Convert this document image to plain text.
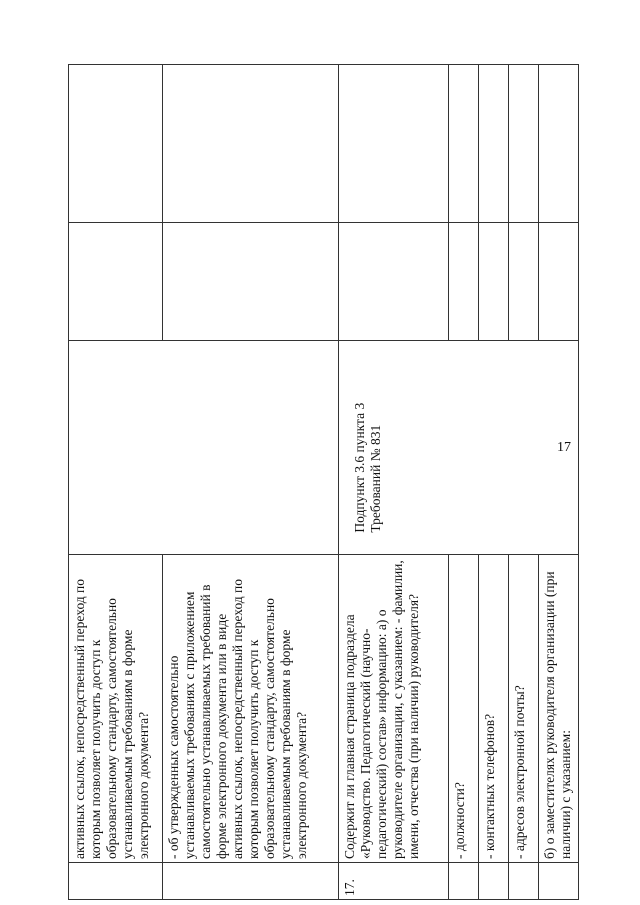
17
	активных ссылок, непосредственный переход по которым позволяет получить доступ к образовательному стандарту, самостоятельно устанавливаемым требованиям в форме электронного документа?			
	- об утвержденных самостоятельно устанавливаемых требованиях с приложением самостоятельно устанавливаемых требований в форме электронного документа или в виде активных ссылок, непосредственный переход по которым позволяет получить доступ к образовательному стандарту, самостоятельно устанавливаемым требованиям в форме электронного документа?			
17.	Содержит ли главная страница подраздела «Руководство. Педагогический (научно-педагогический) состав» информацию: а) о руководителе организации, с указанием: - фамилии, имени, отчества (при наличии) руководителя?	Подпункт 3.6 пункта 3 Требований № 831		

	- должности?			
	- контактных телефонов?			
	- адресов электронной почты?			
	б) о заместителях руководителя организации (при наличии) с указанием:			
